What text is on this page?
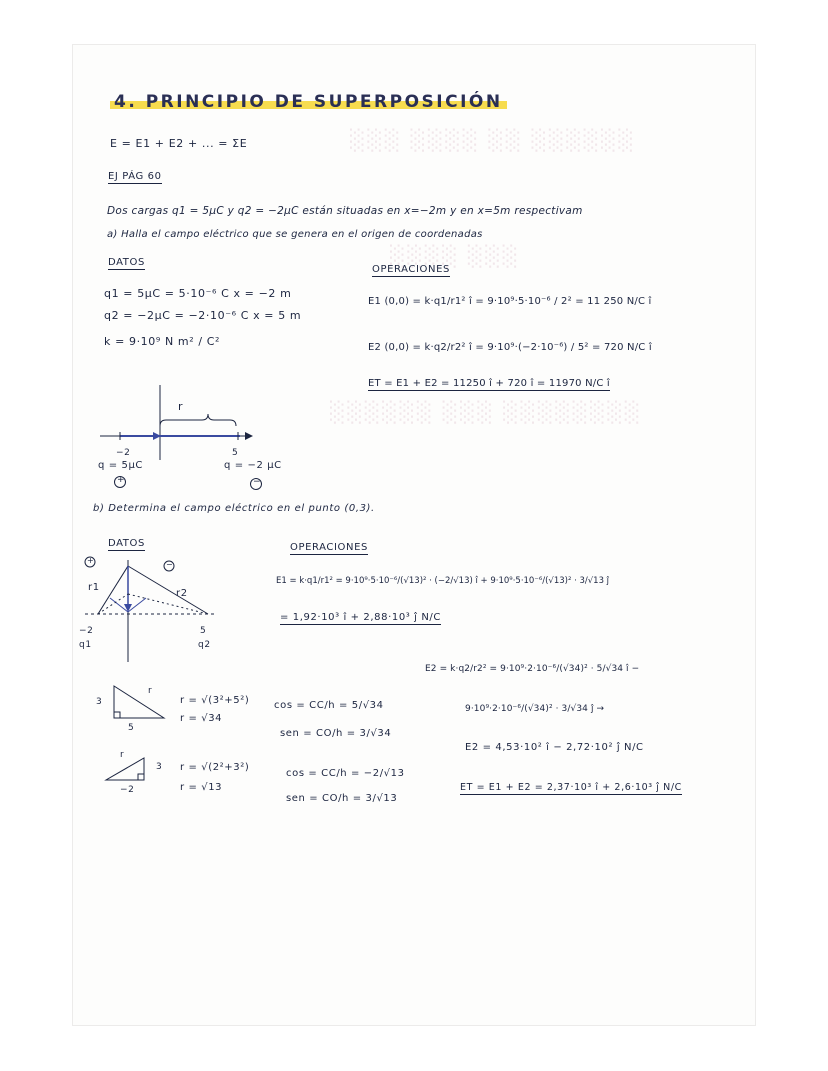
░░░ ░░░░ ░░ ░░░░░░
░░░░ ░░░
░░░░░░ ░░░ ░░░░░░░░
4. PRINCIPIO DE SUPERPOSICIÓN
E = E1 + E2 + ... = ΣE
EJ PÁG 60
Dos cargas q1 = 5μC y q2 = −2μC están situadas en x=−2m y en x=5m respectivam
a) Halla el campo eléctrico que se genera en el origen de coordenadas
DATOS
q1 = 5μC = 5·10⁻⁶ C x = −2 m
q2 = −2μC = −2·10⁻⁶ C x = 5 m
k = 9·10⁹ N m² / C²
OPERACIONES
E1 (0,0) = k·q1/r1² î = 9·10⁹·5·10⁻⁶ / 2² = 11 250 N/C î
E2 (0,0) = k·q2/r2² î = 9·10⁹·(−2·10⁻⁶) / 5² = 720 N/C î
ET = E1 + E2 = 11250 î + 720 î = 11970 N/C î
r
−2	5
q = 5μC	q = −2 μC
+	−
b) Determina el campo eléctrico en el punto (0,3).
DATOS	OPERACIONES
+	−
r1
r2
−2	5
q1	q2
3
5
r
r = √(3²+5²)
r = √34
cos = CC/h = 5/√34
sen = CO/h = 3/√34
r
3
−2
r = √(2²+3²)
r = √13
cos = CC/h = −2/√13
sen = CO/h = 3/√13
E1 = k·q1/r1² = 9·10⁹·5·10⁻⁶/(√13)² · (−2/√13) î + 9·10⁹·5·10⁻⁶/(√13)² · 3/√13 ĵ
= 1,92·10³ î + 2,88·10³ ĵ N/C
E2 = k·q2/r2² = 9·10⁹·2·10⁻⁶/(√34)² · 5/√34 î −
9·10⁹·2·10⁻⁶/(√34)² · 3/√34 ĵ →
E2 = 4,53·10² î − 2,72·10² ĵ N/C
ET = E1 + E2 = 2,37·10³ î + 2,6·10³ ĵ N/C
